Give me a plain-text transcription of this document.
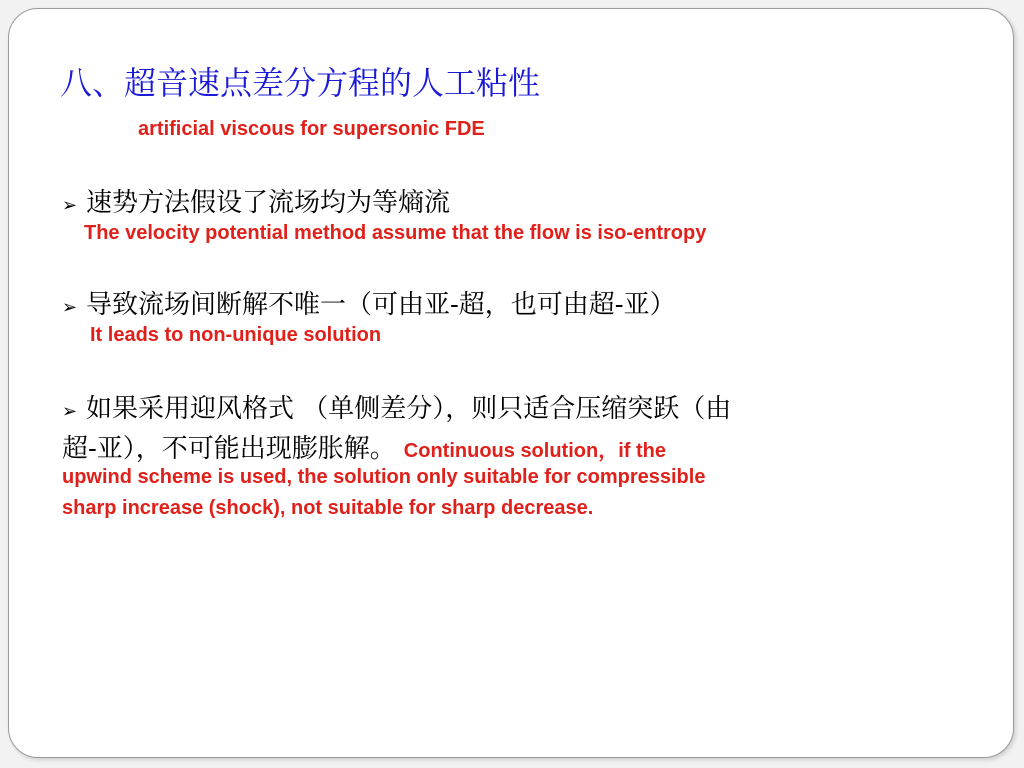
八、超音速点差分方程的人工粘性
artificial viscous for supersonic FDE
➢ 速势方法假设了流场均为等熵流
The velocity potential method assume that the flow is iso-entropy
➢ 导致流场间断解不唯一（可由亚-超，也可由超-亚）
It leads to non-unique solution
➢ 如果采用迎风格式 （单侧差分），则只适合压缩突跃（由
超-亚），不可能出现膨胀解。 Continuous solution，if the
upwind scheme is used, the solution only suitable for compressible
sharp increase (shock), not suitable for sharp decrease.
